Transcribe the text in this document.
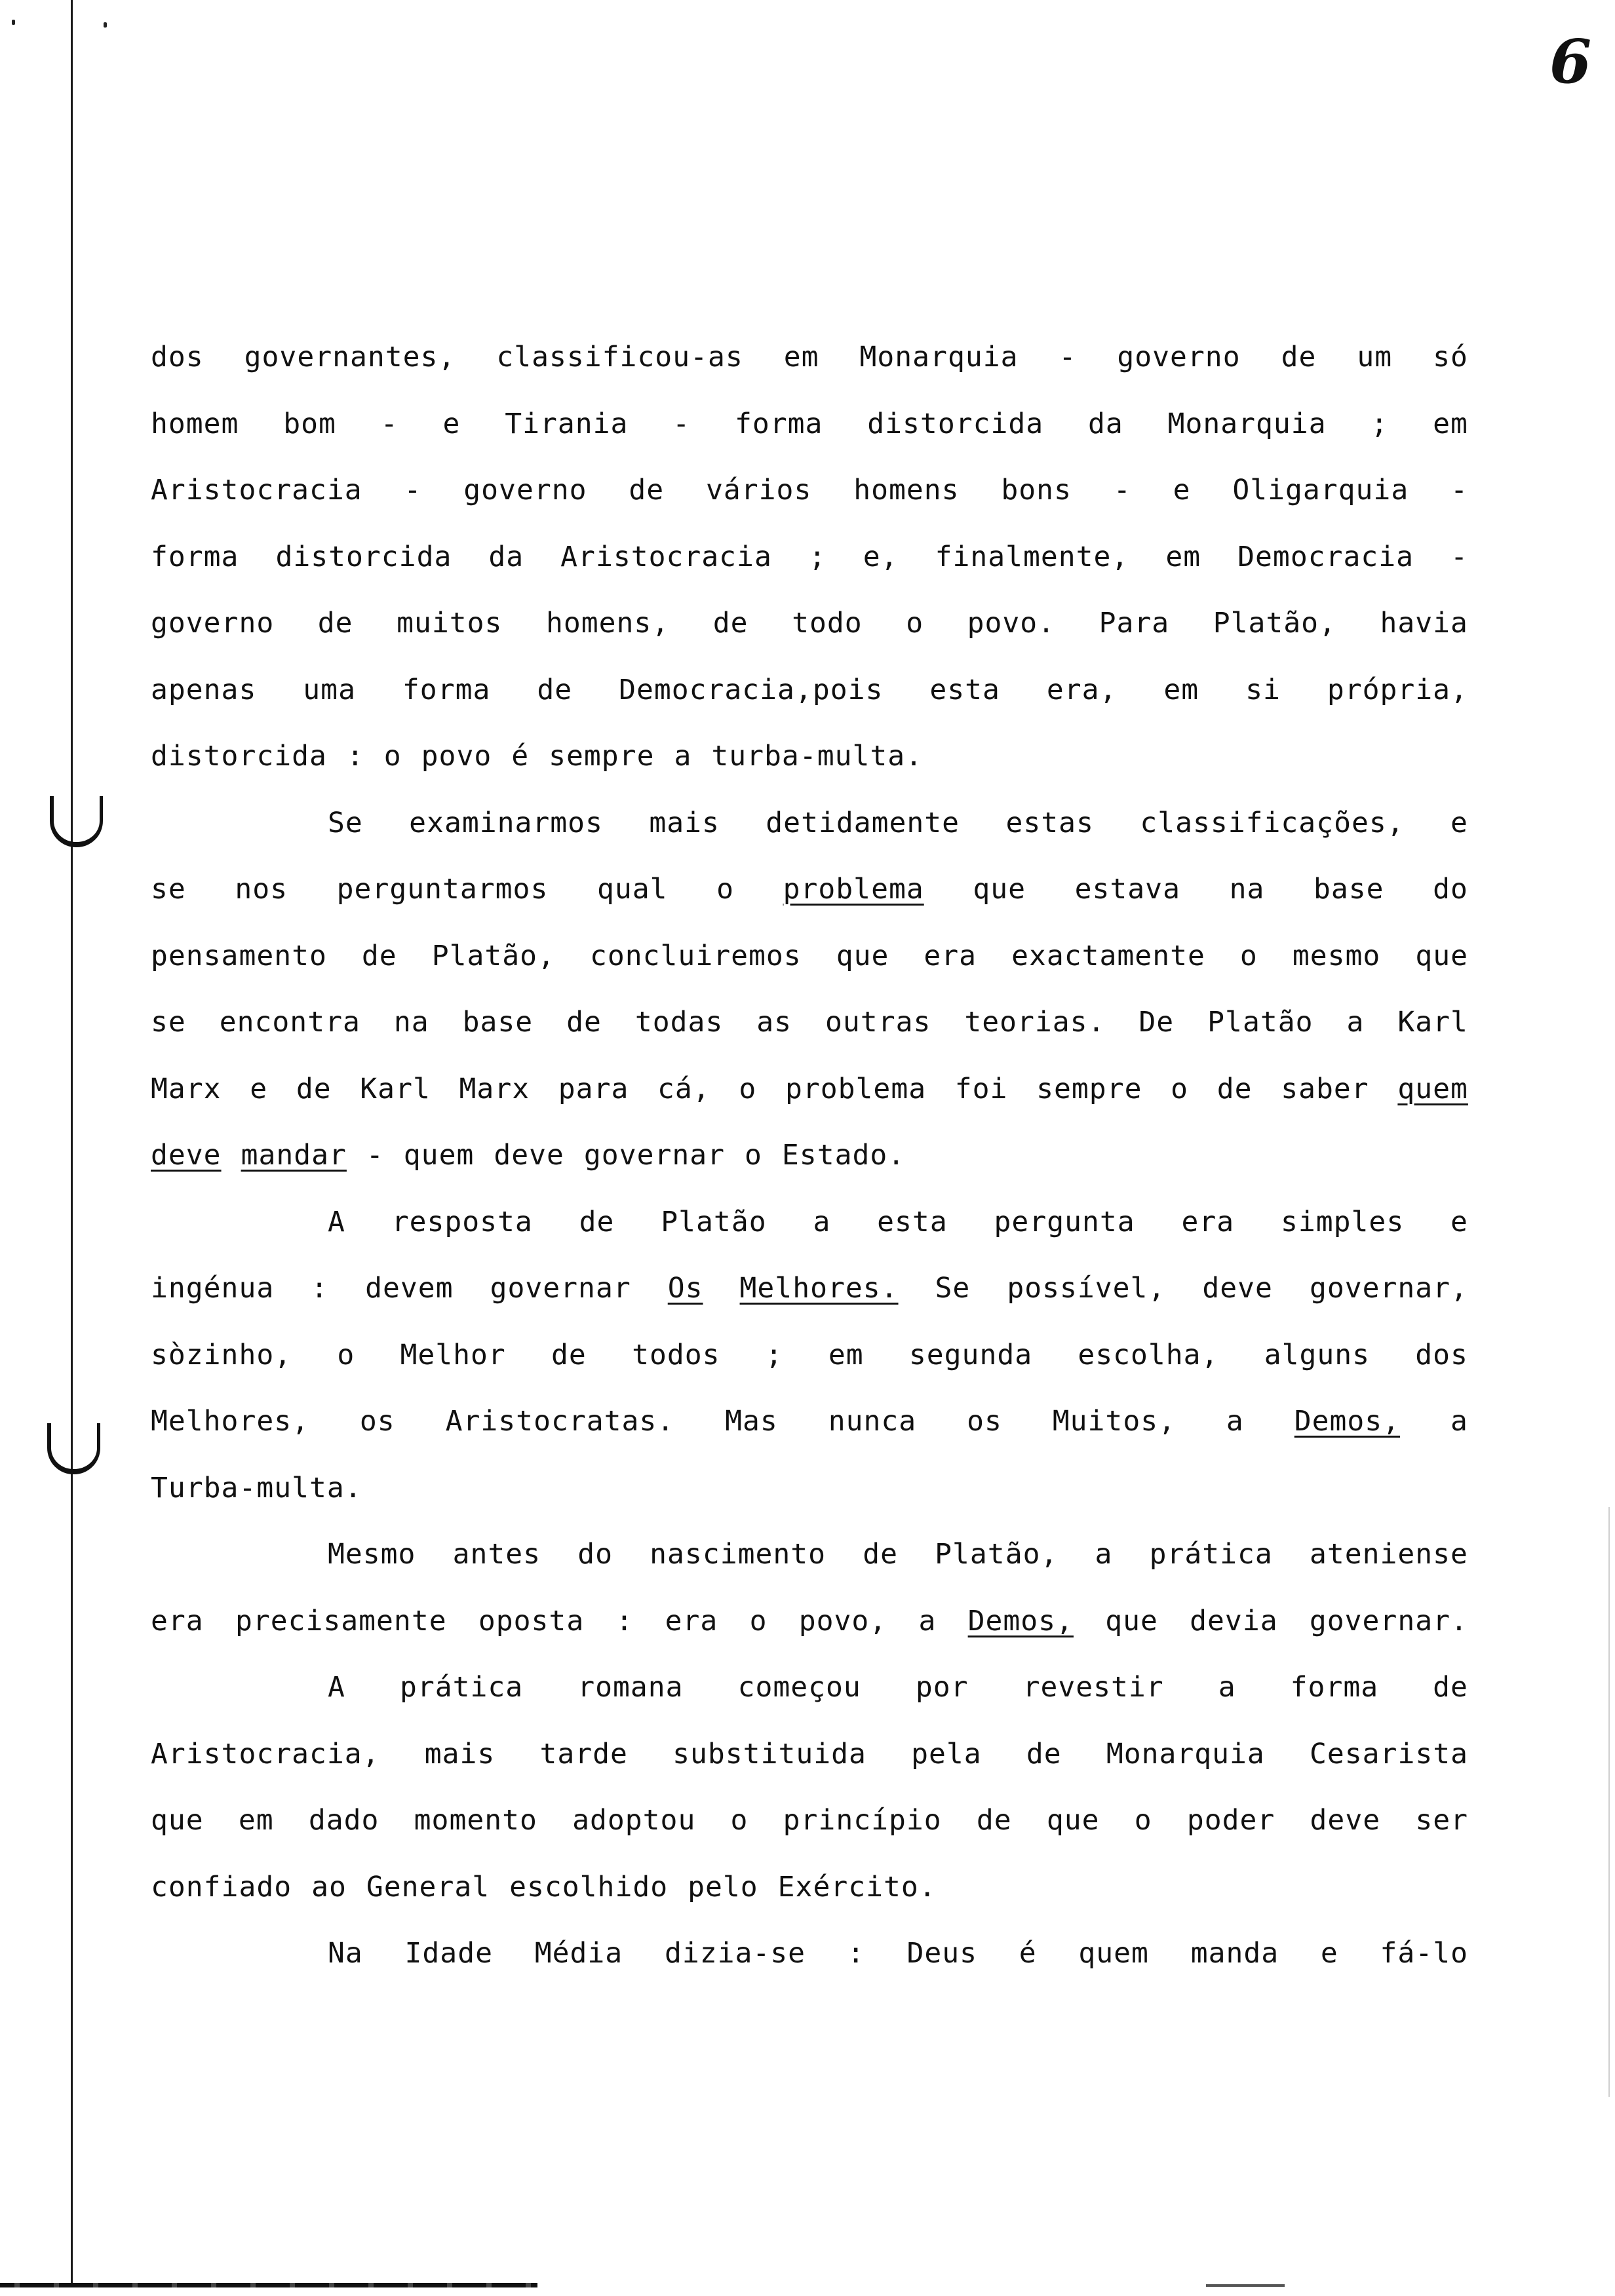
6
dos governantes, classificou-as em Monarquia - governo de um só
homem bom - e Tirania - forma distorcida da Monarquia ; em
Aristocracia - governo de vários homens bons - e Oligarquia -
forma distorcida da Aristocracia ; e, finalmente, em Democracia -
governo de muitos homens, de todo o povo. Para Platão, havia
apenas uma forma de Democracia,pois esta era, em si própria,
distorcida : o povo é sempre a turba-multa.
Se examinarmos mais detidamente estas classificações, e
se nos perguntarmos qual o problema que estava na base do
pensamento de Platão, concluiremos que era exactamente o mesmo que
se encontra na base de todas as outras teorias. De Platão a Karl
Marx e de Karl Marx para cá, o problema foi sempre o de saber quem
deve mandar - quem deve governar o Estado.
A resposta de Platão a esta pergunta era simples e
ingénua : devem governar Os Melhores. Se possível, deve governar,
sòzinho, o Melhor de todos ; em segunda escolha, alguns dos
Melhores, os Aristocratas. Mas nunca os Muitos, a Demos, a
Turba-multa.
Mesmo antes do nascimento de Platão, a prática ateniense
era precisamente oposta : era o povo, a Demos, que devia governar.
A prática romana começou por revestir a forma de
Aristocracia, mais tarde substituida pela de Monarquia Cesarista
que em dado momento adoptou o princípio de que o poder deve ser
confiado ao General escolhido pelo Exército.
Na Idade Média dizia-se : Deus é quem manda e fá-lo
